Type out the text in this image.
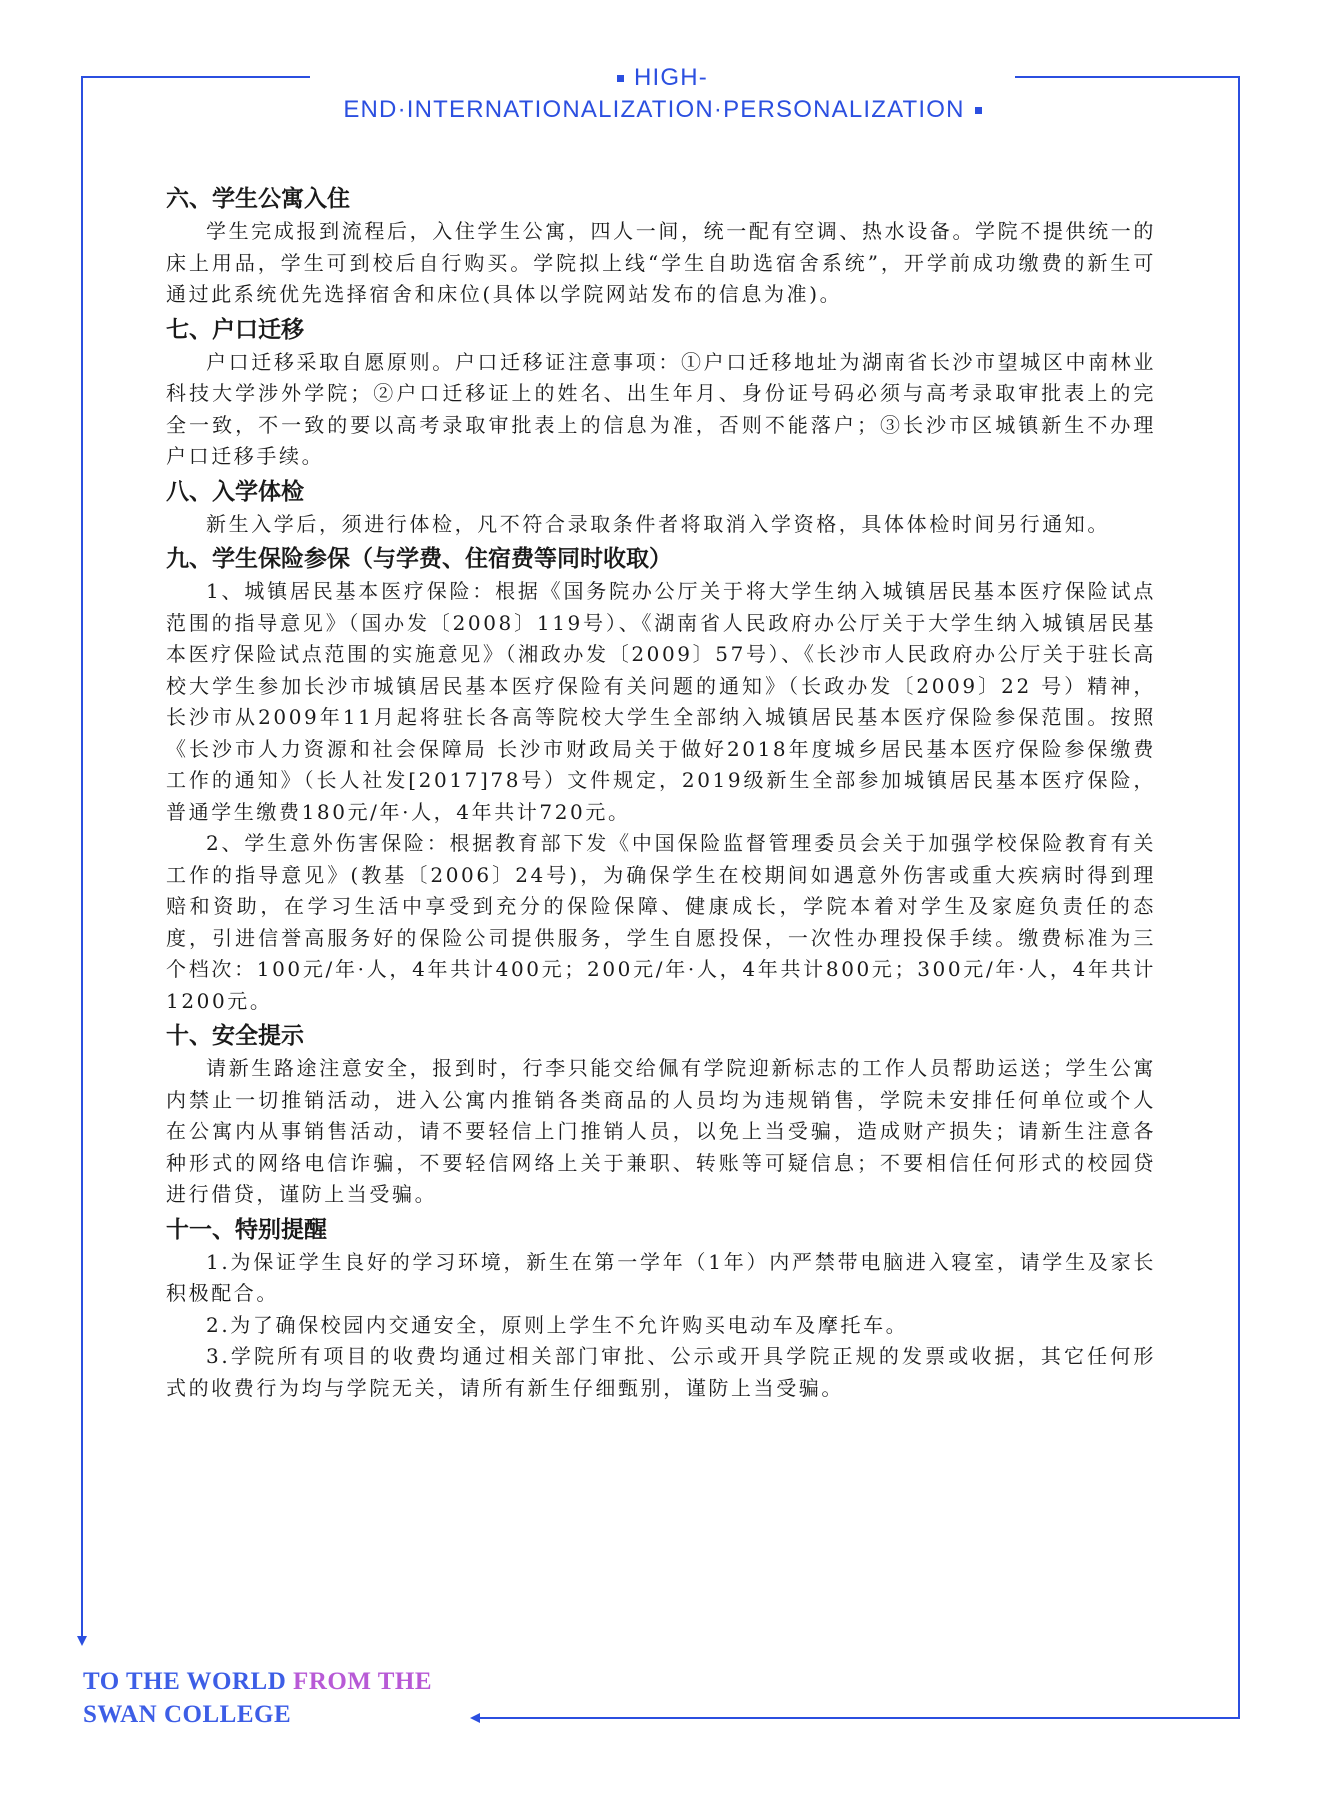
HIGH-END·INTERNATIONALIZATION·PERSONALIZATION
六、学生公寓入住

学生完成报到流程后，入住学生公寓，四人一间，统一配有空调、热水设备。学院不提供统一的床上用品，学生可到校后自行购买。学院拟上线“学生自助选宿舍系统”，开学前成功缴费的新生可通过此系统优先选择宿舍和床位(具体以学院网站发布的信息为准)。

七、户口迁移

户口迁移采取自愿原则。户口迁移证注意事项：①户口迁移地址为湖南省长沙市望城区中南林业科技大学涉外学院；②户口迁移证上的姓名、出生年月、身份证号码必须与高考录取审批表上的完全一致，不一致的要以高考录取审批表上的信息为准，否则不能落户；③长沙市区城镇新生不办理户口迁移手续。

八、入学体检

新生入学后，须进行体检，凡不符合录取条件者将取消入学资格，具体体检时间另行通知。

九、学生保险参保（与学费、住宿费等同时收取）

1、城镇居民基本医疗保险：根据《国务院办公厅关于将大学生纳入城镇居民基本医疗保险试点范围的指导意见》（国办发〔2008〕119号）、《湖南省人民政府办公厅关于大学生纳入城镇居民基本医疗保险试点范围的实施意见》（湘政办发〔2009〕57号）、《长沙市人民政府办公厅关于驻长高校大学生参加长沙市城镇居民基本医疗保险有关问题的通知》（长政办发〔2009〕22 号）精神，长沙市从2009年11月起将驻长各高等院校大学生全部纳入城镇居民基本医疗保险参保范围。按照《长沙市人力资源和社会保障局 长沙市财政局关于做好2018年度城乡居民基本医疗保险参保缴费工作的通知》（长人社发[2017]78号）文件规定，2019级新生全部参加城镇居民基本医疗保险，普通学生缴费180元/年·人，4年共计720元。

2、学生意外伤害保险：根据教育部下发《中国保险监督管理委员会关于加强学校保险教育有关工作的指导意见》(教基〔2006〕24号)，为确保学生在校期间如遇意外伤害或重大疾病时得到理赔和资助，在学习生活中享受到充分的保险保障、健康成长，学院本着对学生及家庭负责任的态度，引进信誉高服务好的保险公司提供服务，学生自愿投保，一次性办理投保手续。缴费标准为三个档次：100元/年·人，4年共计400元；200元/年·人，4年共计800元；300元/年·人，4年共计1200元。

十、安全提示

请新生路途注意安全，报到时，行李只能交给佩有学院迎新标志的工作人员帮助运送；学生公寓内禁止一切推销活动，进入公寓内推销各类商品的人员均为违规销售，学院未安排任何单位或个人在公寓内从事销售活动，请不要轻信上门推销人员，以免上当受骗，造成财产损失；请新生注意各种形式的网络电信诈骗，不要轻信网络上关于兼职、转账等可疑信息；不要相信任何形式的校园贷进行借贷，谨防上当受骗。

十一、特别提醒

1.为保证学生良好的学习环境，新生在第一学年（1年）内严禁带电脑进入寝室，请学生及家长积极配合。

2.为了确保校园内交通安全，原则上学生不允许购买电动车及摩托车。

3.学院所有项目的收费均通过相关部门审批、公示或开具学院正规的发票或收据，其它任何形式的收费行为均与学院无关，请所有新生仔细甄别，谨防上当受骗。

TO THE WORLD FROM THE
SWAN COLLEGE
